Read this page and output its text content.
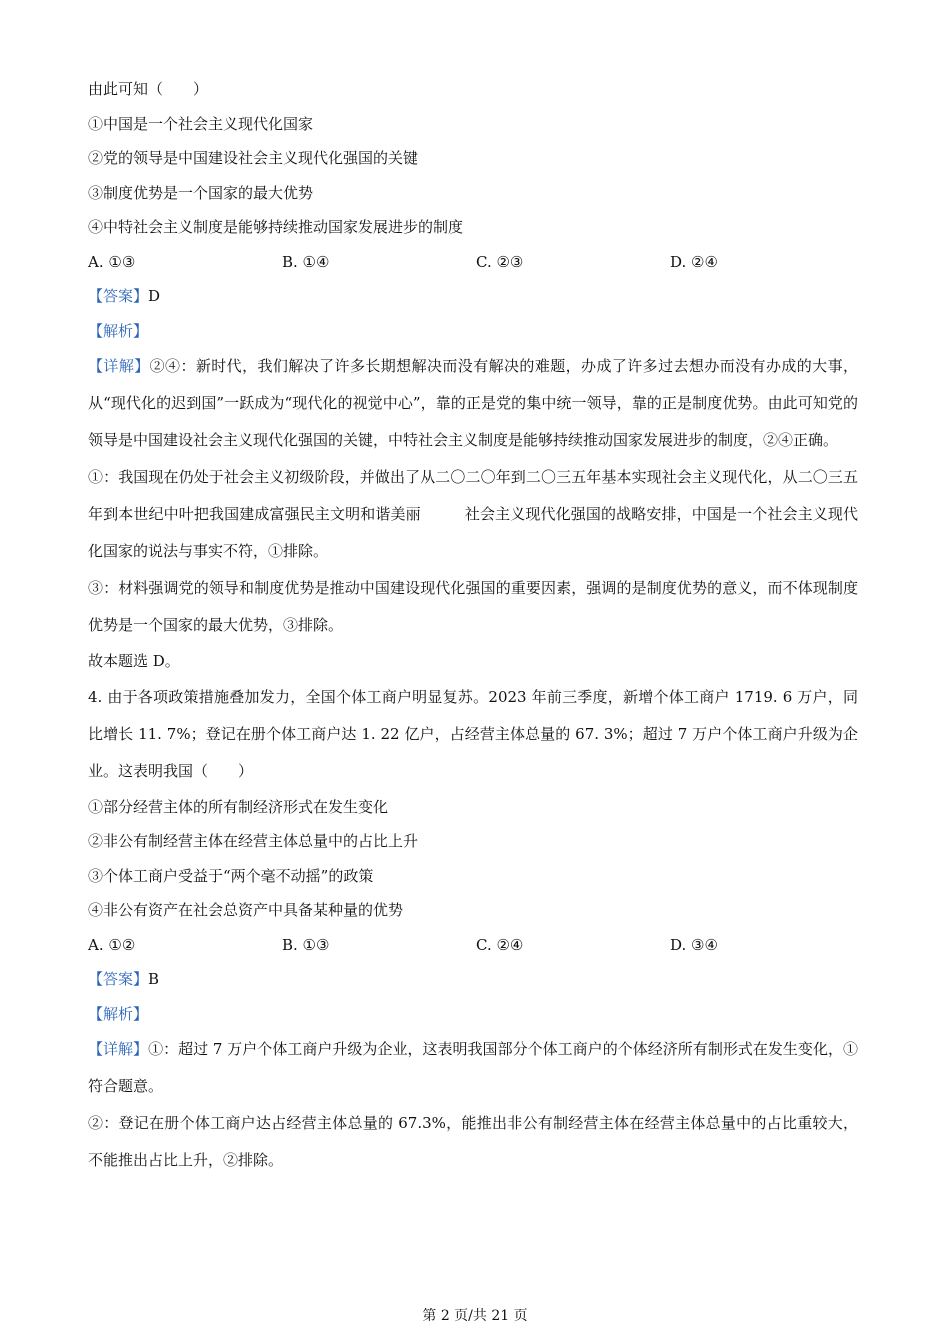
由此可知（　　）
①中国是一个社会主义现代化国家
②党的领导是中国建设社会主义现代化强国的关键
③制度优势是一个国家的最大优势
④中特社会主义制度是能够持续推动国家发展进步的制度
A. ①③	B. ①④	C. ②③	D. ②④
【答案】D
【解析】
【详解】②④：新时代，我们解决了许多长期想解决而没有解决的难题，办成了许多过去想办而没有办成的大事，从“现代化的迟到国”一跃成为“现代化的视觉中心”，靠的正是党的集中统一领导，靠的正是制度优势。由此可知党的领导是中国建设社会主义现代化强国的关键，中特社会主义制度是能够持续推动国家发展进步的制度，②④正确。
①：我国现在仍处于社会主义初级阶段，并做出了从二〇二〇年到二〇三五年基本实现社会主义现代化，从二〇三五年到本世纪中叶把我国建成富强民主文明和谐美丽	社会主义现代化强国的战略安排，中国是一个社会主义现代化国家的说法与事实不符，①排除。
③：材料强调党的领导和制度优势是推动中国建设现代化强国的重要因素，强调的是制度优势的意义，而不体现制度优势是一个国家的最大优势，③排除。
故本题选 D。
4. 由于各项政策措施叠加发力，全国个体工商户明显复苏。2023 年前三季度，新增个体工商户 1719. 6 万户，同比增长 11. 7%；登记在册个体工商户达 1. 22 亿户，占经营主体总量的 67. 3%；超过 7 万户个体工商户升级为企业。这表明我国（　　）
①部分经营主体的所有制经济形式在发生变化
②非公有制经营主体在经营主体总量中的占比上升
③个体工商户受益于“两个毫不动摇”的政策
④非公有资产在社会总资产中具备某种量的优势
A. ①②	B. ①③	C. ②④	D. ③④
【答案】B
【解析】
【详解】①：超过 7 万户个体工商户升级为企业，这表明我国部分个体工商户的个体经济所有制形式在发生变化，①符合题意。
②：登记在册个体工商户达占经营主体总量的 67.3%，能推出非公有制经营主体在经营主体总量中的占比重较大，不能推出占比上升，②排除。
第 2 页/共 21 页
